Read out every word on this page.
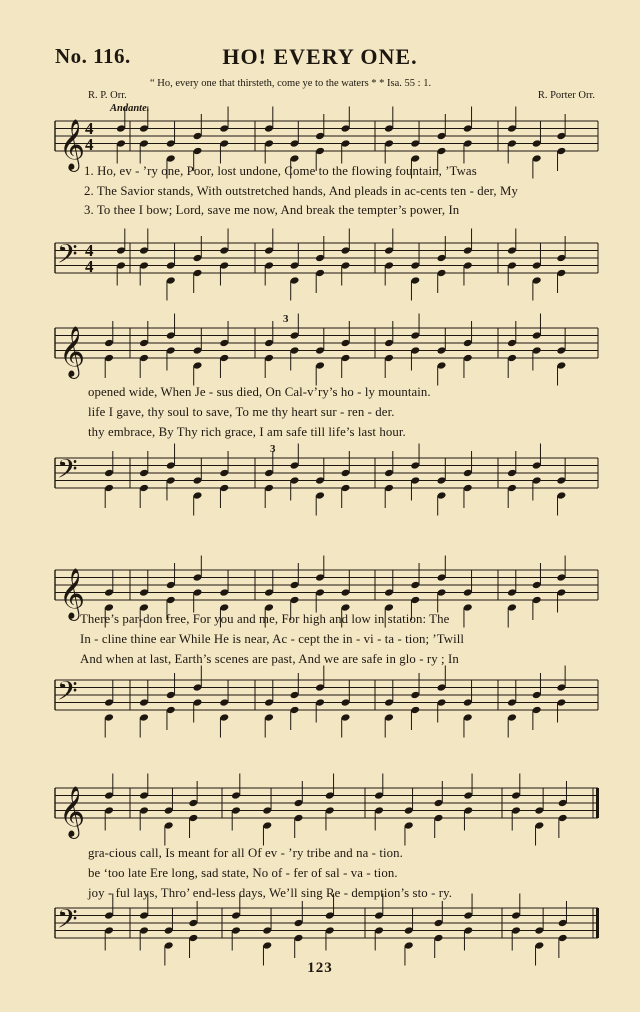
No. 116.	HO! EVERY ONE.
“ Ho, every one that thirsteth, come ye to the waters * * Isa. 55 : 1.
R. P. Orr.	R. Porter Orr.
Andante.
𝄞 4
4
1. Ho, ev - ’ry one, Poor, lost undone, Come to the flowing fountain, ’Twas
2. The Savior stands, With outstretched hands, And pleads in ac-cents ten - der, My
3. To thee I bow; Lord, save me now, And break the tempter’s power, In
𝄢 4
4
𝄞
3
opened wide, When Je - sus died, On Cal-v’ry’s ho - ly mountain.
life I gave, thy soul to save, To me thy heart sur - ren - der.
thy embrace, By Thy rich grace, I am safe till life’s last hour.
𝄢
3
𝄞
There’s par-don free, For you and me, For high and low in station: The
In - cline thine ear While He is near, Ac - cept the in - vi - ta - tion; ’Twill
And when at last, Earth’s scenes are past, And we are safe in glo - ry ; In
𝄢
𝄞
gra-cious call, Is meant for all Of ev - ’ry tribe and na - tion.
be ‘too late Ere long, sad state, No of - fer of sal - va - tion.
joy - ful lays, Thro’ end-less days, We’ll sing Re - demption’s sto - ry.
𝄢
123
